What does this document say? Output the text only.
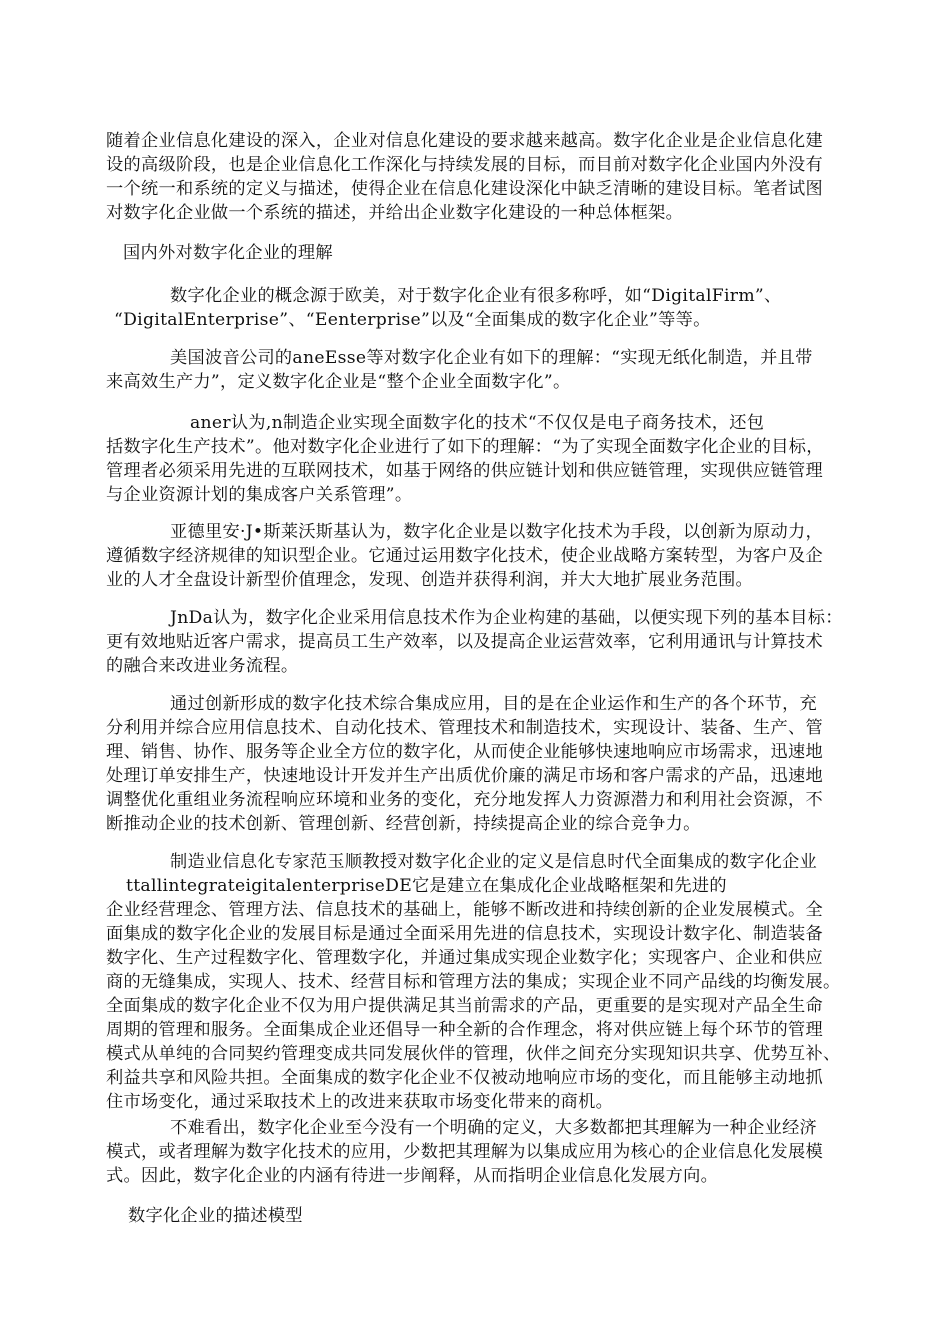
随着企业信息化建设的深入，企业对信息化建设的要求越来越高。数字化企业是企业信息化建
设的高级阶段，也是企业信息化工作深化与持续发展的目标，而目前对数字化企业国内外没有
一个统一和系统的定义与描述，使得企业在信息化建设深化中缺乏清晰的建设目标。笔者试图
对数字化企业做一个系统的描述，并给出企业数字化建设的一种总体框架。
国内外对数字化企业的理解
数字化企业的概念源于欧美，对于数字化企业有很多称呼，如“DigitalFirm”、
“DigitalEnterprise”、“Eenterprise”以及“全面集成的数字化企业”等等。
美国波音公司的aneEsse等对数字化企业有如下的理解：“实现无纸化制造，并且带
来高效生产力”，定义数字化企业是“整个企业全面数字化”。
aner认为,n制造企业实现全面数字化的技术“不仅仅是电子商务技术，还包
括数字化生产技术”。他对数字化企业进行了如下的理解：“为了实现全面数字化企业的目标，
管理者必须采用先进的互联网技术，如基于网络的供应链计划和供应链管理，实现供应链管理
与企业资源计划的集成客户关系管理”。
亚德里安·J•斯莱沃斯基认为，数字化企业是以数字化技术为手段，以创新为原动力，
遵循数字经济规律的知识型企业。它通过运用数字化技术，使企业战略方案转型，为客户及企
业的人才全盘设计新型价值理念，发现、创造并获得利润，并大大地扩展业务范围。
JnDa认为，数字化企业采用信息技术作为企业构建的基础，以便实现下列的基本目标：
更有效地贴近客户需求，提高员工生产效率，以及提高企业运营效率，它利用通讯与计算技术
的融合来改进业务流程。
通过创新形成的数字化技术综合集成应用，目的是在企业运作和生产的各个环节，充
分利用并综合应用信息技术、自动化技术、管理技术和制造技术，实现设计、装备、生产、管
理、销售、协作、服务等企业全方位的数字化，从而使企业能够快速地响应市场需求，迅速地
处理订单安排生产，快速地设计开发并生产出质优价廉的满足市场和客户需求的产品，迅速地
调整优化重组业务流程响应环境和业务的变化，充分地发挥人力资源潜力和利用社会资源，不
断推动企业的技术创新、管理创新、经营创新，持续提高企业的综合竞争力。
制造业信息化专家范玉顺教授对数字化企业的定义是信息时代全面集成的数字化企业
ttallintegrateigitalenterpriseDE它是建立在集成化企业战略框架和先进的
企业经营理念、管理方法、信息技术的基础上，能够不断改进和持续创新的企业发展模式。全
面集成的数字化企业的发展目标是通过全面采用先进的信息技术，实现设计数字化、制造装备
数字化、生产过程数字化、管理数字化，并通过集成实现企业数字化；实现客户、企业和供应
商的无缝集成，实现人、技术、经营目标和管理方法的集成；实现企业不同产品线的均衡发展。
全面集成的数字化企业不仅为用户提供满足其当前需求的产品，更重要的是实现对产品全生命
周期的管理和服务。全面集成企业还倡导一种全新的合作理念，将对供应链上每个环节的管理
模式从单纯的合同契约管理变成共同发展伙伴的管理，伙伴之间充分实现知识共享、优势互补、
利益共享和风险共担。全面集成的数字化企业不仅被动地响应市场的变化，而且能够主动地抓
住市场变化，通过采取技术上的改进来获取市场变化带来的商机。
不难看出，数字化企业至今没有一个明确的定义，大多数都把其理解为一种企业经济
模式，或者理解为数字化技术的应用，少数把其理解为以集成应用为核心的企业信息化发展模
式。因此，数字化企业的内涵有待进一步阐释，从而指明企业信息化发展方向。
数字化企业的描述模型
